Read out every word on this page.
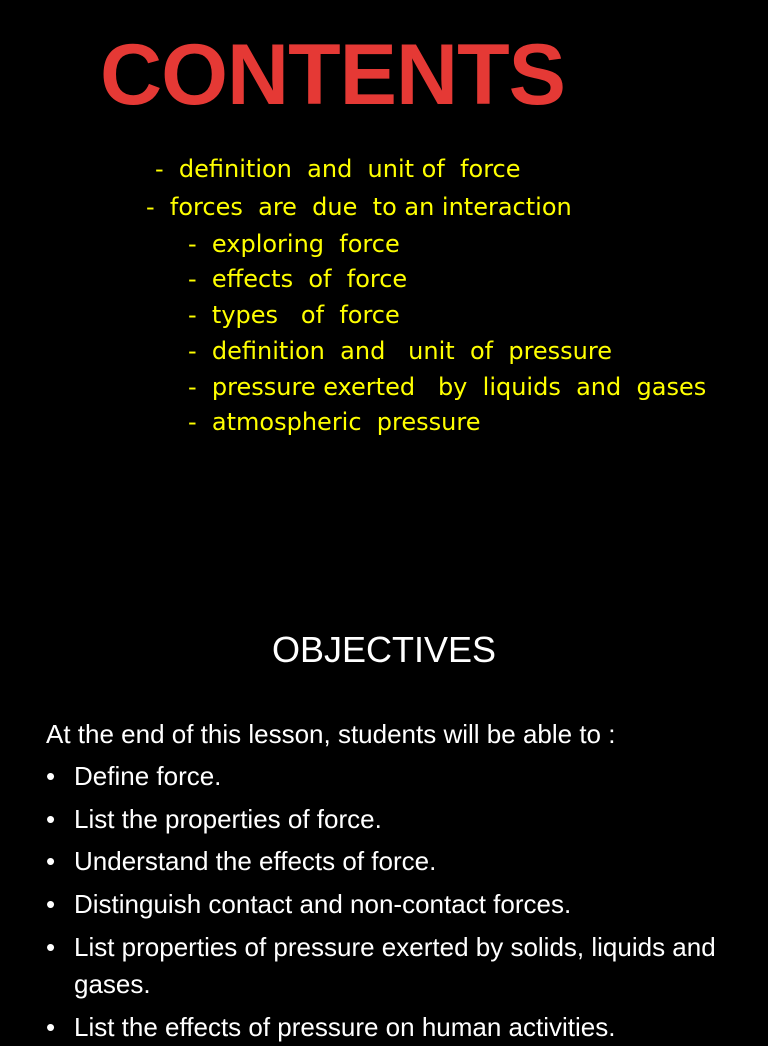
CONTENTS

-  definition  and  unit of  force

-  forces  are  due  to an interaction

-  exploring  force

-  effects  of  force

-  types   of  force

-  definition  and   unit  of  pressure

-  pressure exerted   by  liquids  and  gases

-  atmospheric  pressure

OBJECTIVES

At the end of this lesson, students will be able to :

• Define force.
• List the properties of force.
• Understand the effects of force.
• Distinguish contact and non-contact forces.
• List properties of pressure exerted by solids, liquids and gases.
• List the effects of pressure on human activities.
